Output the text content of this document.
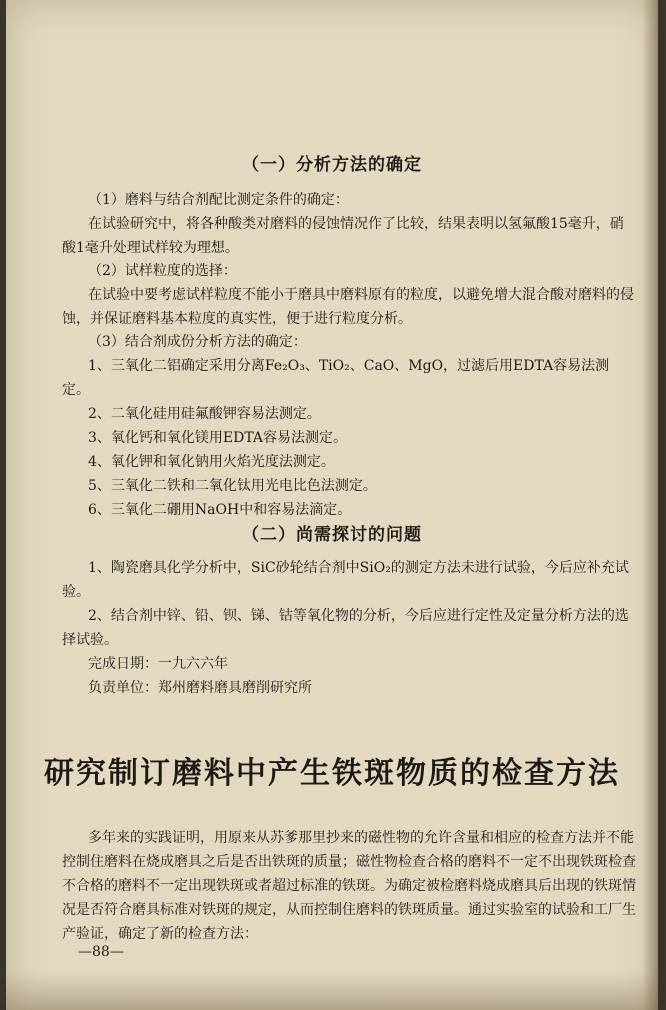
（一）分析方法的确定

（1）磨料与结合剂配比测定条件的确定：

在试验研究中，将各种酸类对磨料的侵蚀情况作了比较，结果表明以氢氟酸15毫升，硝酸1毫升处理试样较为理想。

（2）试样粒度的选择：

在试验中要考虑试样粒度不能小于磨具中磨料原有的粒度，以避免增大混合酸对磨料的侵蚀，并保证磨料基本粒度的真实性，便于进行粒度分析。

（3）结合剂成份分析方法的确定：

1、三氧化二铝确定采用分离Fe₂O₃、TiO₂、CaO、MgO，过滤后用EDTA容易法测定。

2、二氧化硅用硅氟酸钾容易法测定。

3、氧化钙和氧化镁用EDTA容易法测定。

4、氧化钾和氧化钠用火焰光度法测定。

5、三氧化二铁和二氧化钛用光电比色法测定。

6、三氧化二硼用NaOH中和容易法滴定。

（二）尚需探讨的问题

1、陶瓷磨具化学分析中，SiC砂轮结合剂中SiO₂的测定方法未进行试验，今后应补充试验。

2、结合剂中锌、铅、钡、锑、钴等氧化物的分析，今后应进行定性及定量分析方法的选择试验。

完成日期：一九六六年

负责单位：郑州磨料磨具磨削研究所

研究制订磨料中产生铁斑物质的检查方法

多年来的实践证明，用原来从苏爹那里抄来的磁性物的允许含量和相应的检查方法并不能控制住磨料在烧成磨具之后是否出铁斑的质量；磁性物检查合格的磨料不一定不出现铁斑检查不合格的磨料不一定出现铁斑或者超过标准的铁斑。为确定被检磨料烧成磨具后出现的铁斑情况是否符合磨具标准对铁斑的规定，从而控制住磨料的铁斑质量。通过实验室的试验和工厂生产验证，确定了新的检查方法：

—88—
